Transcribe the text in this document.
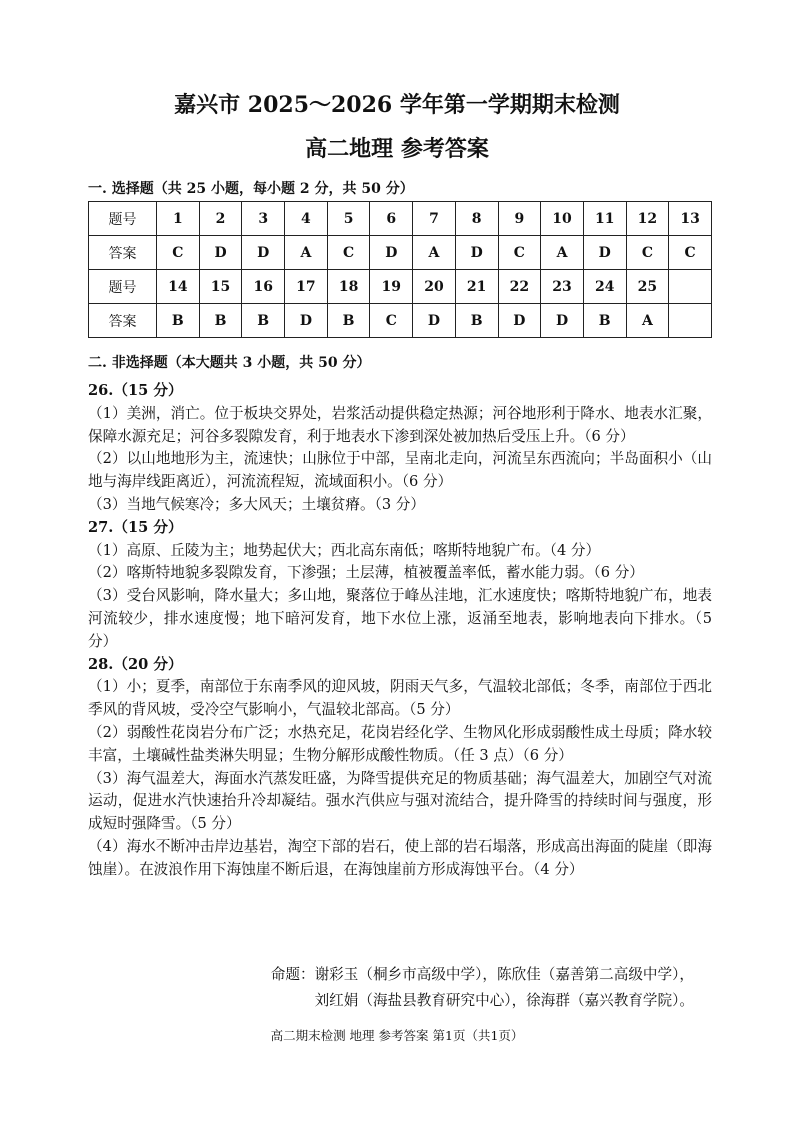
嘉兴市 2025～2026 学年第一学期期末检测
高二地理 参考答案
一. 选择题（共 25 小题，每小题 2 分，共 50 分）
题号	1	2	3	4	5	6	7	8	9	10	11	12	13
答案	C	D	D	A	C	D	A	D	C	A	D	C	C
题号	14	15	16	17	18	19	20	21	22	23	24	25	
答案	B	B	B	D	B	C	D	B	D	D	B	A	
二. 非选择题（本大题共 3 小题，共 50 分）

26.（15 分）

（1）美洲，消亡。位于板块交界处，岩浆活动提供稳定热源；河谷地形利于降水、地表水汇聚，保障水源充足；河谷多裂隙发育，利于地表水下渗到深处被加热后受压上升。（6 分）

（2）以山地地形为主，流速快；山脉位于中部，呈南北走向，河流呈东西流向；半岛面积小（山地与海岸线距离近），河流流程短，流域面积小。（6 分）

（3）当地气候寒冷；多大风天；土壤贫瘠。（3 分）

27.（15 分）

（1）高原、丘陵为主；地势起伏大；西北高东南低；喀斯特地貌广布。（4 分）

（2）喀斯特地貌多裂隙发育，下渗强；土层薄，植被覆盖率低，蓄水能力弱。（6 分）

（3）受台风影响，降水量大；多山地，聚落位于峰丛洼地，汇水速度快；喀斯特地貌广布，地表河流较少，排水速度慢；地下暗河发育，地下水位上涨，返涌至地表，影响地表向下排水。（5 分）

28.（20 分）

（1）小；夏季，南部位于东南季风的迎风坡，阴雨天气多，气温较北部低；冬季，南部位于西北季风的背风坡，受冷空气影响小，气温较北部高。（5 分）

（2）弱酸性花岗岩分布广泛；水热充足，花岗岩经化学、生物风化形成弱酸性成土母质；降水较丰富，土壤碱性盐类淋失明显；生物分解形成酸性物质。（任 3 点）（6 分）

（3）海气温差大，海面水汽蒸发旺盛，为降雪提供充足的物质基础；海气温差大，加剧空气对流运动，促进水汽快速抬升冷却凝结。强水汽供应与强对流结合，提升降雪的持续时间与强度，形成短时强降雪。（5 分）

（4）海水不断冲击岸边基岩，淘空下部的岩石，使上部的岩石塌落，形成高出海面的陡崖（即海蚀崖）。在波浪作用下海蚀崖不断后退，在海蚀崖前方形成海蚀平台。（4 分）

命题：谢彩玉（桐乡市高级中学），陈欣佳（嘉善第二高级中学），
刘红娟（海盐县教育研究中心），徐海群（嘉兴教育学院）。
高二期末检测 地理 参考答案 第1页（共1页）
